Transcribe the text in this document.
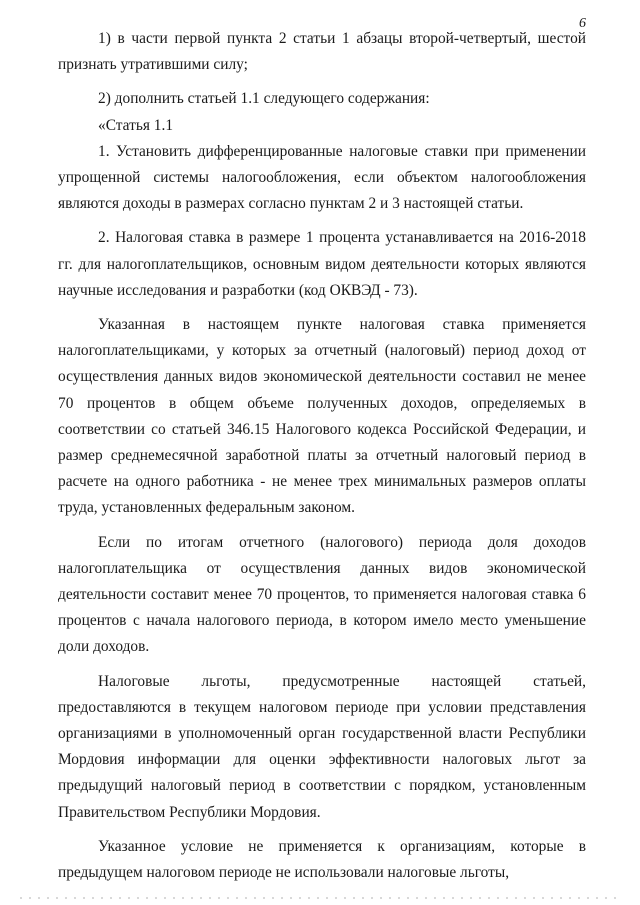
6

1) в части первой пункта 2 статьи 1 абзацы второй-четвертый, шестой признать утратившими силу;

2) дополнить статьей 1.1 следующего содержания:

«Статья 1.1

1. Установить дифференцированные налоговые ставки при применении упрощенной системы налогообложения, если объектом налогообложения являются доходы в размерах согласно пунктам 2 и 3 настоящей статьи.

2. Налоговая ставка в размере 1 процента устанавливается на 2016-2018 гг. для налогоплательщиков, основным видом деятельности которых являются научные исследования и разработки (код ОКВЭД - 73).

Указанная в настоящем пункте налоговая ставка применяется налогоплательщиками, у которых за отчетный (налоговый) период доход от осуществления данных видов экономической деятельности составил не менее 70 процентов в общем объеме полученных доходов, определяемых в соответствии со статьей 346.15 Налогового кодекса Российской Федерации, и размер среднемесячной заработной платы за отчетный налоговый период в расчете на одного работника - не менее трех минимальных размеров оплаты труда, установленных федеральным законом.

Если по итогам отчетного (налогового) периода доля доходов налогоплательщика от осуществления данных видов экономической деятельности составит менее 70 процентов, то применяется налоговая ставка 6 процентов с начала налогового периода, в котором имело место уменьшение доли доходов.

Налоговые льготы, предусмотренные настоящей статьей, предоставляются в текущем налоговом периоде при условии представления организациями в уполномоченный орган государственной власти Республики Мордовия информации для оценки эффективности налоговых льгот за предыдущий налоговый период в соответствии с порядком, установленным Правительством Республики Мордовия.

Указанное условие не применяется к организациям, которые в предыдущем налоговом периоде не использовали налоговые льготы,
